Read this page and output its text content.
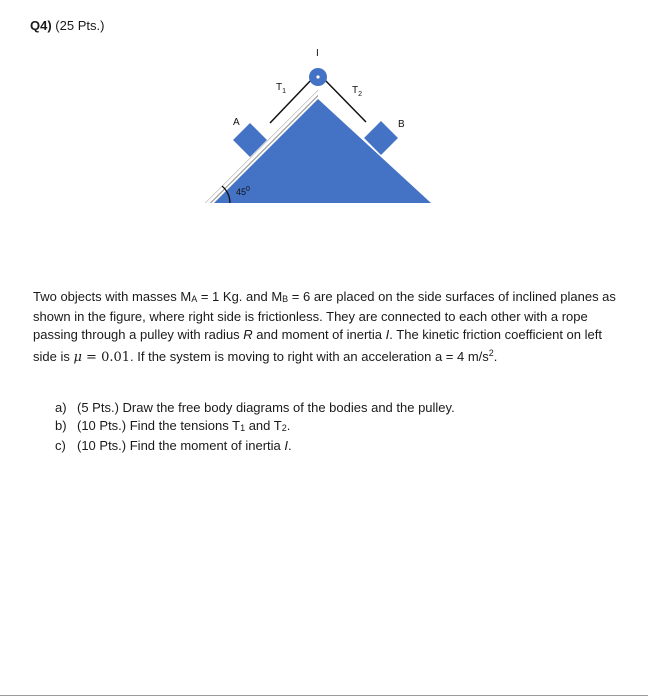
Q4) (25 Pts.)
I
$T_1$	$T_2$
A	B
$45^0$

Two objects with masses MA = 1 Kg. and MB = 6 are placed on the side surfaces of inclined planes as shown in the figure, where right side is frictionless. They are connected to each other with a rope passing through a pulley with radius R and moment of inertia I. The kinetic friction coefficient on left side is μ = 0.01. If the system is moving to right with an acceleration a = 4 $m/s^2$.

a) (5 Pts.) Draw the free body diagrams of the bodies and the pulley.
b) (10 Pts.) Find the tensions T1 and T2.
c) (10 Pts.) Find the moment of inertia I.
